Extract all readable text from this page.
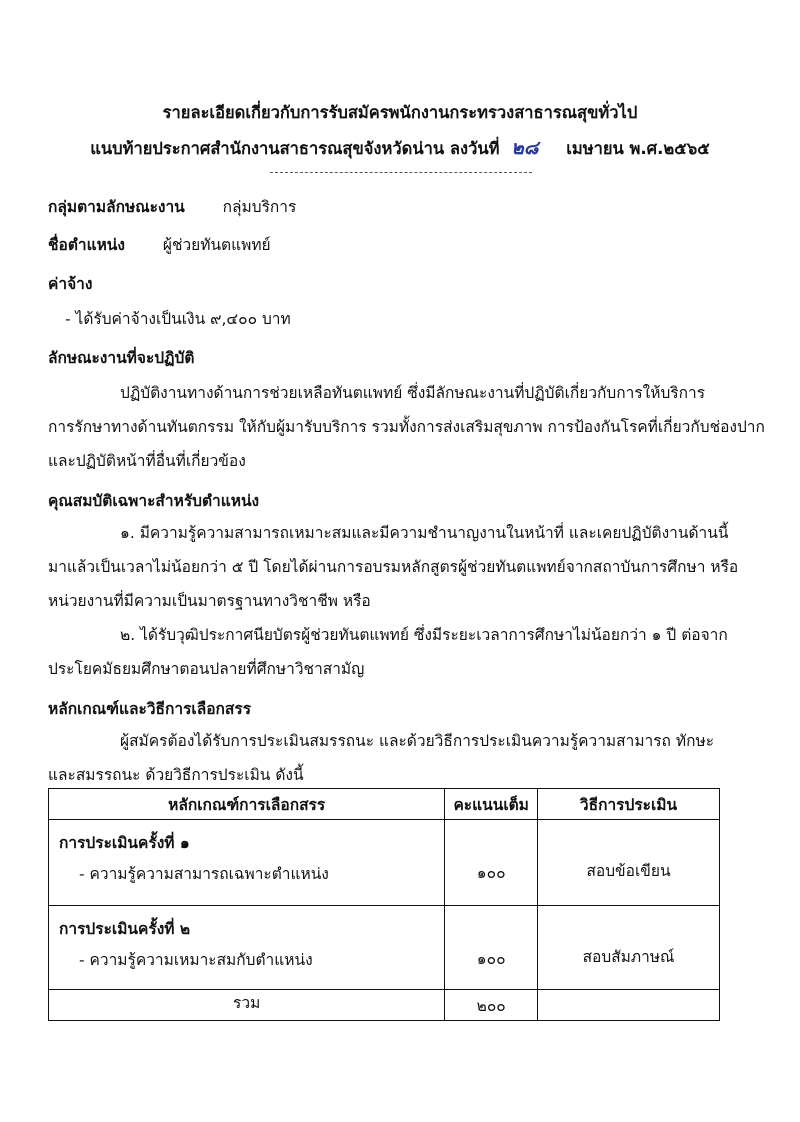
รายละเอียดเกี่ยวกับการรับสมัครพนักงานกระทรวงสาธารณสุขทั่วไป
แนบท้ายประกาศสำนักงานสาธารณสุขจังหวัดน่าน ลงวันที่ ๒๘ เมษายน พ.ศ.๒๕๖๕
กลุ่มตามลักษณะงาน กลุ่มบริการ
ชื่อตำแหน่ง ผู้ช่วยทันตแพทย์
ค่าจ้าง
- ได้รับค่าจ้างเป็นเงิน ๙,๔๐๐ บาท
ลักษณะงานที่จะปฏิบัติ
ปฏิบัติงานทางด้านการช่วยเหลือทันตแพทย์ ซึ่งมีลักษณะงานที่ปฏิบัติเกี่ยวกับการให้บริการ
การรักษาทางด้านทันตกรรม ให้กับผู้มารับบริการ รวมทั้งการส่งเสริมสุขภาพ การป้องกันโรคที่เกี่ยวกับช่องปาก
และปฏิบัติหน้าที่อื่นที่เกี่ยวข้อง
คุณสมบัติเฉพาะสำหรับตำแหน่ง
๑. มีความรู้ความสามารถเหมาะสมและมีความชำนาญงานในหน้าที่ และเคยปฏิบัติงานด้านนี้
มาแล้วเป็นเวลาไม่น้อยกว่า ๕ ปี โดยได้ผ่านการอบรมหลักสูตรผู้ช่วยทันตแพทย์จากสถาบันการศึกษา หรือ
หน่วยงานที่มีความเป็นมาตรฐานทางวิชาชีพ หรือ
๒. ได้รับวุฒิประกาศนียบัตรผู้ช่วยทันตแพทย์ ซึ่งมีระยะเวลาการศึกษาไม่น้อยกว่า ๑ ปี ต่อจาก
ประโยคมัธยมศึกษาตอนปลายที่ศึกษาวิชาสามัญ
หลักเกณฑ์และวิธีการเลือกสรร
ผู้สมัครต้องได้รับการประเมินสมรรถนะ และด้วยวิธีการประเมินความรู้ความสามารถ ทักษะ
และสมรรถนะ ด้วยวิธีการประเมิน ดังนี้
หลักเกณฑ์การเลือกสรร	คะแนนเต็ม	วิธีการประเมิน

การประเมินครั้งที่ ๑
- ความรู้ความสามารถเฉพาะตำแหน่ง	๑๐๐	สอบข้อเขียน

การประเมินครั้งที่ ๒
- ความรู้ความเหมาะสมกับตำแหน่ง	๑๐๐	สอบสัมภาษณ์

รวม	๒๐๐	
